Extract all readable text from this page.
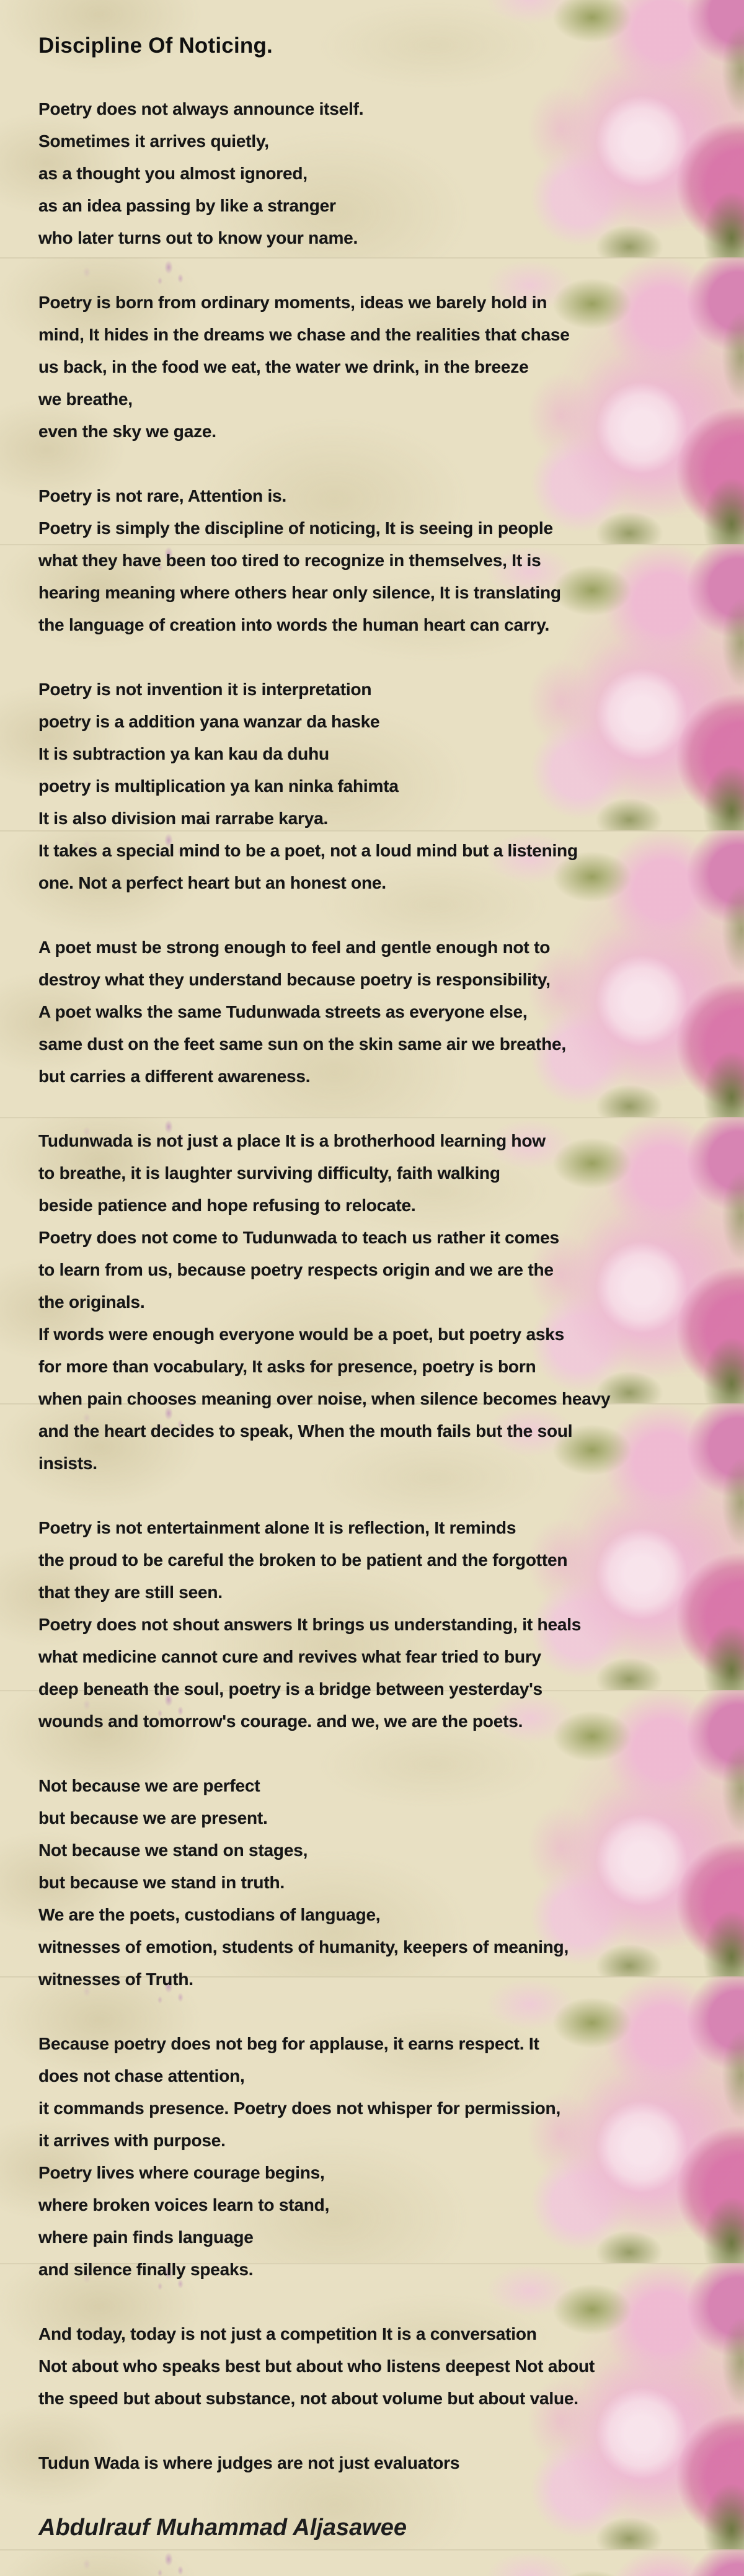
Discipline Of Noticing.
Poetry does not always announce itself.
Sometimes it arrives quietly,
as a thought you almost ignored,
as an idea passing by like a stranger
who later turns out to know your name.
Poetry is born from ordinary moments, ideas we barely hold in
mind, It hides in the dreams we chase and the realities that chase
us back, in the food we eat, the water we drink, in the breeze
we breathe,
even the sky we gaze.
Poetry is not rare, Attention is.
Poetry is simply the discipline of noticing, It is seeing in people
what they have been too tired to recognize in themselves, It is
hearing meaning where others hear only silence, It is translating
the language of creation into words the human heart can carry.
Poetry is not invention it is interpretation
poetry is a addition yana wanzar da haske
It is subtraction ya kan kau da duhu
poetry is multiplication ya kan ninka fahimta
It is also division mai rarrabe karya.
It takes a special mind to be a poet, not a loud mind but a listening
one. Not a perfect heart but an honest one.
A poet must be strong enough to feel and gentle enough not to
destroy what they understand because poetry is responsibility,
A poet walks the same Tudunwada streets as everyone else,
same dust on the feet same sun on the skin same air we breathe,
but carries a different awareness.
Tudunwada is not just a place It is a brotherhood learning how
to breathe, it is laughter surviving difficulty, faith walking
beside patience and hope refusing to relocate.
Poetry does not come to Tudunwada to teach us rather it comes
to learn from us, because poetry respects origin and we are the
the originals.
If words were enough everyone would be a poet, but poetry asks
for more than vocabulary, It asks for presence, poetry is born
when pain chooses meaning over noise, when silence becomes heavy
and the heart decides to speak, When the mouth fails but the soul
insists.
Poetry is not entertainment alone It is reflection, It reminds
the proud to be careful the broken to be patient and the forgotten
that they are still seen.
Poetry does not shout answers It brings us understanding, it heals
what medicine cannot cure and revives what fear tried to bury
deep beneath the soul, poetry is a bridge between yesterday's
wounds and tomorrow's courage. and we, we are the poets.
Not because we are perfect
but because we are present.
Not because we stand on stages,
but because we stand in truth.
We are the poets, custodians of language,
witnesses of emotion, students of humanity, keepers of meaning,
witnesses of Truth.
Because poetry does not beg for applause, it earns respect. It
does not chase attention,
it commands presence. Poetry does not whisper for permission,
it arrives with purpose.
Poetry lives where courage begins,
where broken voices learn to stand,
where pain finds language
and silence finally speaks.
And today, today is not just a competition It is a conversation
Not about who speaks best but about who listens deepest Not about
the speed but about substance, not about volume but about value.
Tudun Wada is where judges are not just evaluators
Abdulrauf Muhammad Aljasawee
